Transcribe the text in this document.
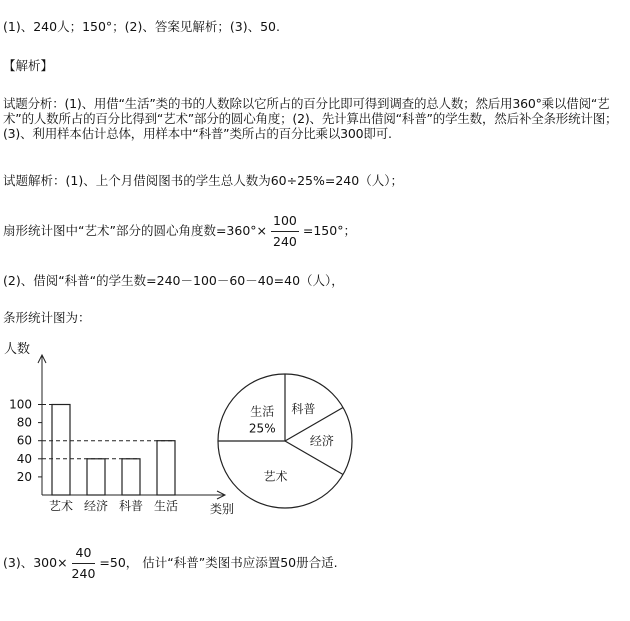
(1)、240人；150°；(2)、答案见解析；(3)、50.
【解析】
试题分析：(1)、用借“生活”类的书的人数除以它所占的百分比即可得到调查的总人数；然后用360°乘以借阅“艺术”的人数所占的百分比得到“艺术”部分的圆心角度；(2)、先计算出借阅“科普”的学生数，然后补全条形统计图；(3)、利用样本估计总体，用样本中“科普”类所占的百分比乘以300即可.
试题解析：(1)、上个月借阅图书的学生总人数为60÷25%=240（人）；
扇形统计图中“艺术”部分的圆心角度数$=360^\circ\times \frac{100}{240} =150^\circ$；
(2)、借阅“科普“的学生数=240－100－60－40=40（人），
条形统计图为：
人数
类别
20
40
60
80
100
艺术 经济 科普 生活
科普
经济
艺术
生活
25%
(3)、$300\times \frac{40}{240} =50$， 估计“科普”类图书应添置50册合适.
